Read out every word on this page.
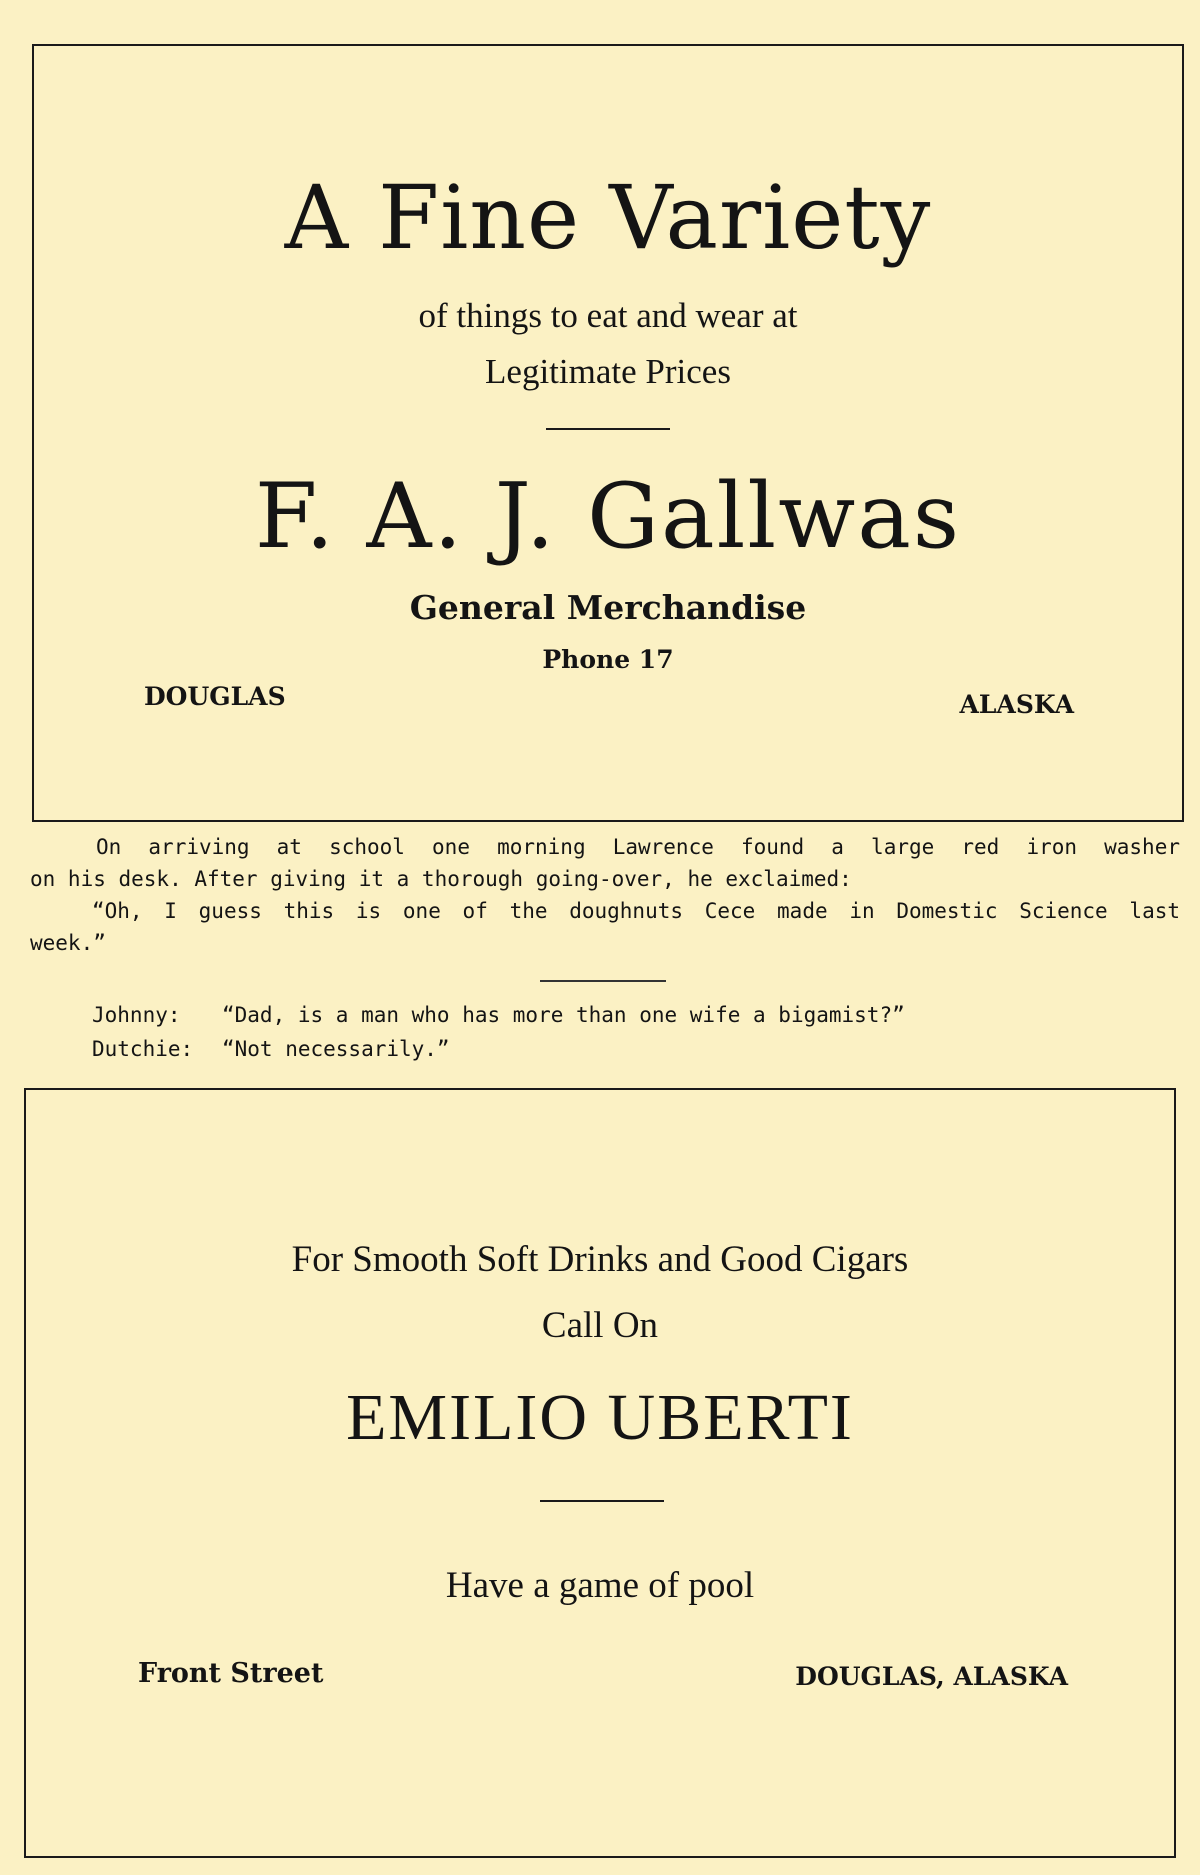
A Fine Variety
of things to eat and wear at
Legitimate Prices
F. A. J. Gallwas
General Merchandise
Phone 17
DOUGLAS	ALASKA

On arriving at school one morning Lawrence found a large red iron washer

on his desk. After giving it a thorough going-over, he exclaimed:

“Oh, I guess this is one of the doughnuts Cece made in Domestic Science last

week.”

Johnny: “Dad, is a man who has more than one wife a bigamist?”
Dutchie: “Not necessarily.”
For Smooth Soft Drinks and Good Cigars
Call On
EMILIO UBERTI
Have a game of pool
Front Street	DOUGLAS, ALASKA
